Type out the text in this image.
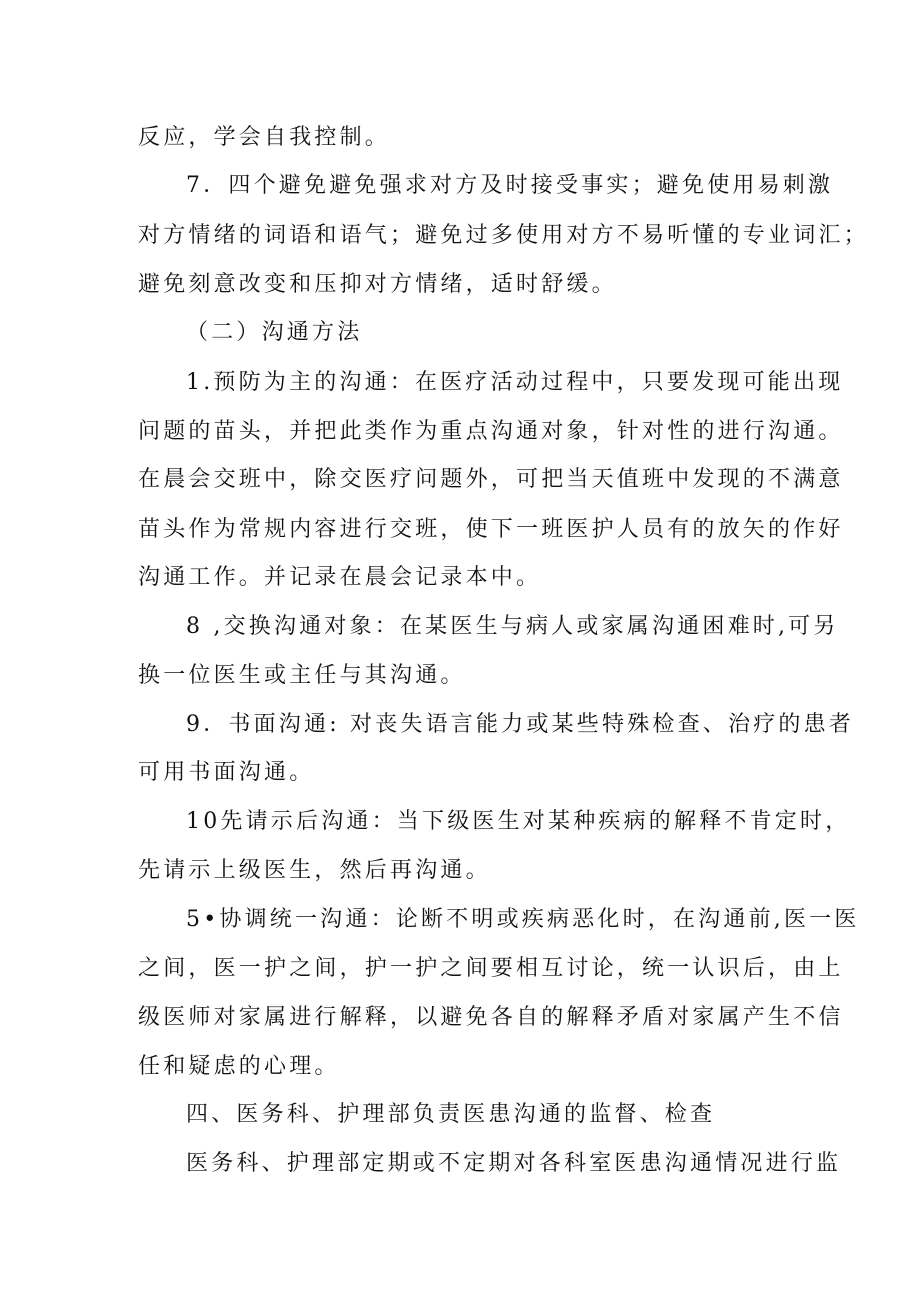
反应，学会自我控制。
7．四个避免避免强求对方及时接受事实；避免使用易刺激
对方情绪的词语和语气；避免过多使用对方不易听懂的专业词汇；
避免刻意改变和压抑对方情绪，适时舒缓。
（二）沟通方法
1.预防为主的沟通：在医疗活动过程中，只要发现可能出现
问题的苗头，并把此类作为重点沟通对象，针对性的进行沟通。
在晨会交班中，除交医疗问题外，可把当天值班中发现的不满意
苗头作为常规内容进行交班，使下一班医护人员有的放矢的作好
沟通工作。并记录在晨会记录本中。
8 ,交换沟通对象：在某医生与病人或家属沟通困难时,可另
换一位医生或主任与其沟通。
9．书面沟通: 对丧失语言能力或某些特殊检查、治疗的患者
可用书面沟通。
10先请示后沟通：当下级医生对某种疾病的解释不肯定时，
先请示上级医生，然后再沟通。
5•协调统一沟通：论断不明或疾病恶化时，在沟通前,医一医
之间，医一护之间，护一护之间要相互讨论，统一认识后，由上
级医师对家属进行解释，以避免各自的解释矛盾对家属产生不信
任和疑虑的心理。
四、医务科、护理部负责医患沟通的监督、检查
医务科、护理部定期或不定期对各科室医患沟通情况进行监
